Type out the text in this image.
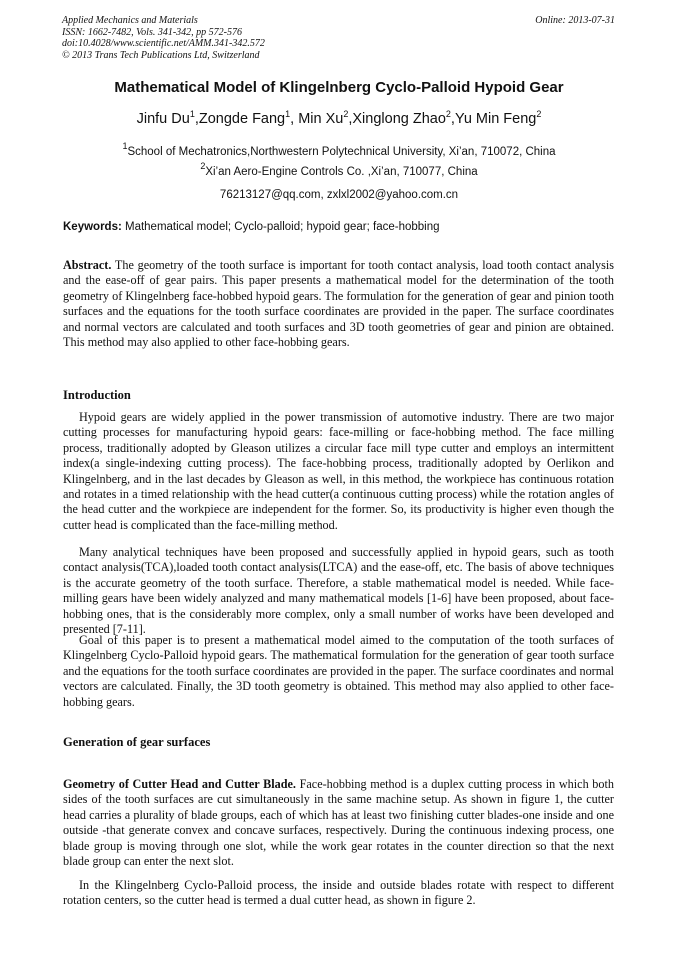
Applied Mechanics and Materials
ISSN: 1662-7482, Vols. 341-342, pp 572-576
doi:10.4028/www.scientific.net/AMM.341-342.572
© 2013 Trans Tech Publications Ltd, Switzerland
Online: 2013-07-31
Mathematical Model of Klingelnberg Cyclo-Palloid Hypoid Gear
Jinfu Du$^1$,Zongde Fang$^1$, Min Xu$^2$,Xinglong Zhao$^2$,Yu Min Feng$^2$
$^1$School of Mechatronics,Northwestern Polytechnical University, Xi’an, 710072, China
$^2$Xi’an Aero-Engine Controls Co. ,Xi’an, 710077, China
76213127@qq.com, zxlxl2002@yahoo.com.cn
Keywords: Mathematical model; Cyclo-palloid; hypoid gear; face-hobbing
Abstract. The geometry of the tooth surface is important for tooth contact analysis, load tooth contact analysis and the ease-off of gear pairs. This paper presents a mathematical model for the determination of the tooth geometry of Klingelnberg face-hobbed hypoid gears. The formulation for the generation of gear and pinion tooth surfaces and the equations for the tooth surface coordinates are provided in the paper. The surface coordinates and normal vectors are calculated and tooth surfaces and 3D tooth geometries of gear and pinion are obtained. This method may also applied to other face-hobbing gears.
Introduction
Hypoid gears are widely applied in the power transmission of automotive industry. There are two major cutting processes for manufacturing hypoid gears: face-milling or face-hobbing method. The face milling process, traditionally adopted by Gleason utilizes a circular face mill type cutter and employs an intermittent index(a single-indexing cutting process). The face-hobbing process, traditionally adopted by Oerlikon and Klingelnberg, and in the last decades by Gleason as well, in this method, the workpiece has continuous rotation and rotates in a timed relationship with the head cutter(a continuous cutting process) while the rotation angles of the head cutter and the workpiece are independent for the former. So, its productivity is higher even though the cutter head is complicated than the face-milling method.
Many analytical techniques have been proposed and successfully applied in hypoid gears, such as tooth contact analysis(TCA),loaded tooth contact analysis(LTCA) and the ease-off, etc. The basis of above techniques is the accurate geometry of the tooth surface. Therefore, a stable mathematical model is needed. While face-milling gears have been widely analyzed and many mathematical models [1-6] have been proposed, about face-hobbing ones, that is the considerably more complex, only a small number of works have been developed and presented [7-11].
Goal of this paper is to present a mathematical model aimed to the computation of the tooth surfaces of Klingelnberg Cyclo-Palloid hypoid gears. The mathematical formulation for the generation of gear tooth surface and the equations for the tooth surface coordinates are provided in the paper. The surface coordinates and normal vectors are calculated. Finally, the 3D tooth geometry is obtained. This method may also applied to other face-hobbing gears.
Generation of gear surfaces
Geometry of Cutter Head and Cutter Blade. Face-hobbing method is a duplex cutting process in which both sides of the tooth surfaces are cut simultaneously in the same machine setup. As shown in figure 1, the cutter head carries a plurality of blade groups, each of which has at least two finishing cutter blades-one inside and one outside -that generate convex and concave surfaces, respectively. During the continuous indexing process, one blade group is moving through one slot, while the work gear rotates in the counter direction so that the next blade group can enter the next slot.
In the Klingelnberg Cyclo-Palloid process, the inside and outside blades rotate with respect to different rotation centers, so the cutter head is termed a dual cutter head, as shown in figure 2.
